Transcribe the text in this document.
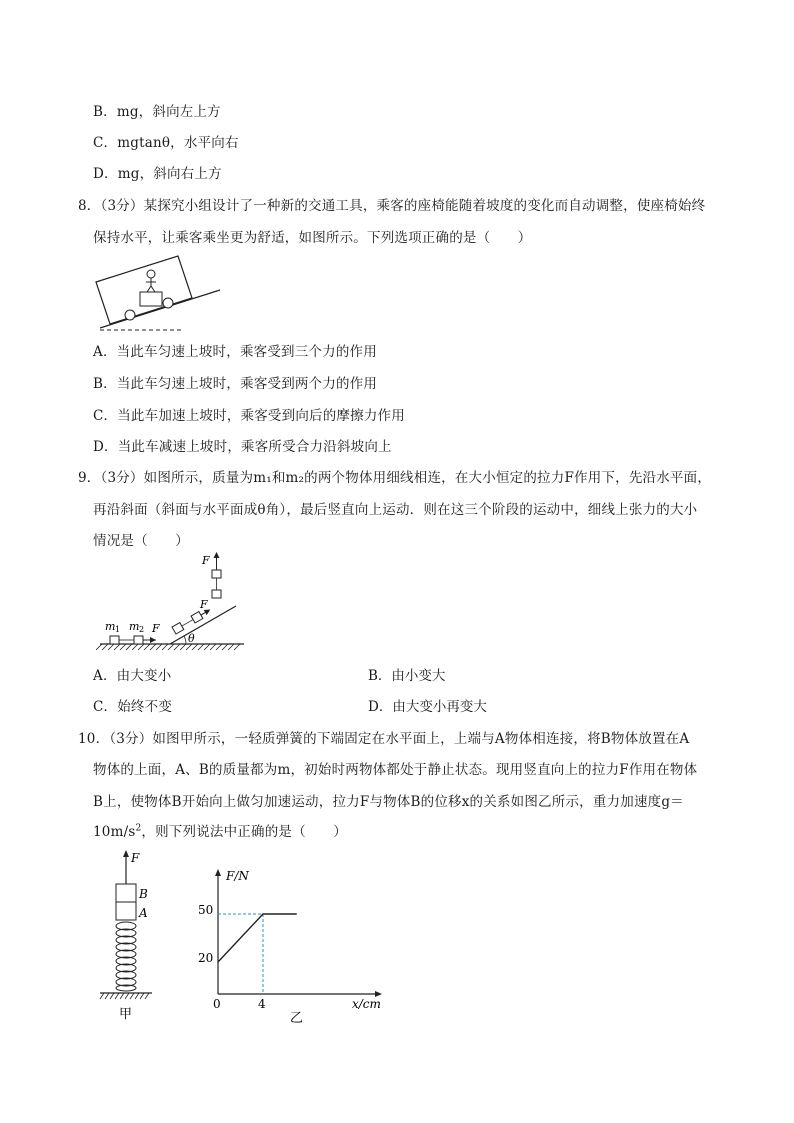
B．mg，斜向左上方
C．mgtanθ，水平向右
D．mg，斜向右上方
8．（3分）某探究小组设计了一种新的交通工具，乘客的座椅能随着坡度的变化而自动调整，使座椅始终
保持水平，让乘客乘坐更为舒适，如图所示。下列选项正确的是（　　）
A．当此车匀速上坡时，乘客受到三个力的作用
B．当此车匀速上坡时，乘客受到两个力的作用
C．当此车加速上坡时，乘客受到向后的摩擦力作用
D．当此车减速上坡时，乘客所受合力沿斜坡向上
9．（3分）如图所示，质量为m₁和m₂的两个物体用细线相连，在大小恒定的拉力F作用下，先沿水平面，
再沿斜面（斜面与水平面成θ角），最后竖直向上运动．则在这三个阶段的运动中，细线上张力的大小
情况是（　　）
θ
m 1 m 2 F
F
F
A．由大变小	B．由小变大
C．始终不变	D．由大变小再变大
10．（3分）如图甲所示，一轻质弹簧的下端固定在水平面上，上端与A物体相连接，将B物体放置在A
物体的上面，A、B的质量都为m，初始时两物体都处于静止状态。现用竖直向上的拉力F作用在物体
B上，使物体B开始向上做匀加速运动，拉力F与物体B的位移x的关系如图乙所示，重力加速度g＝
$10m/s^2$，则下列说法中正确的是（　　）
F
B
A
甲
F/N
x/cm
50
20
0	4
乙
